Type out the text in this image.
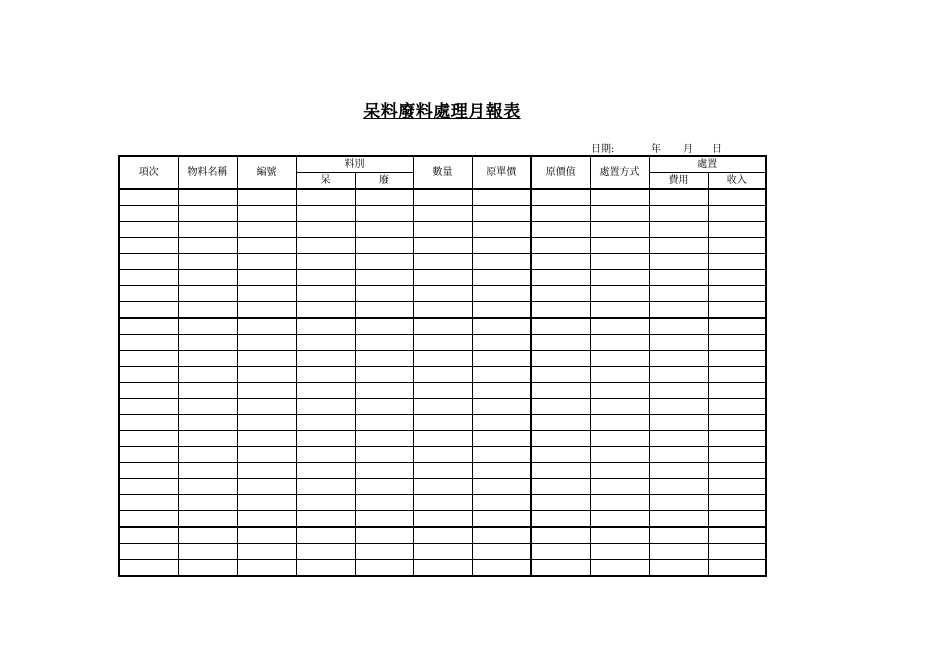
呆料廢料處理月報表
日期:	年 月 日
項次	物料名稱	編號	料別		數量	原單價	原價值	處置方式	處置	
			呆	廢					費用	收入
